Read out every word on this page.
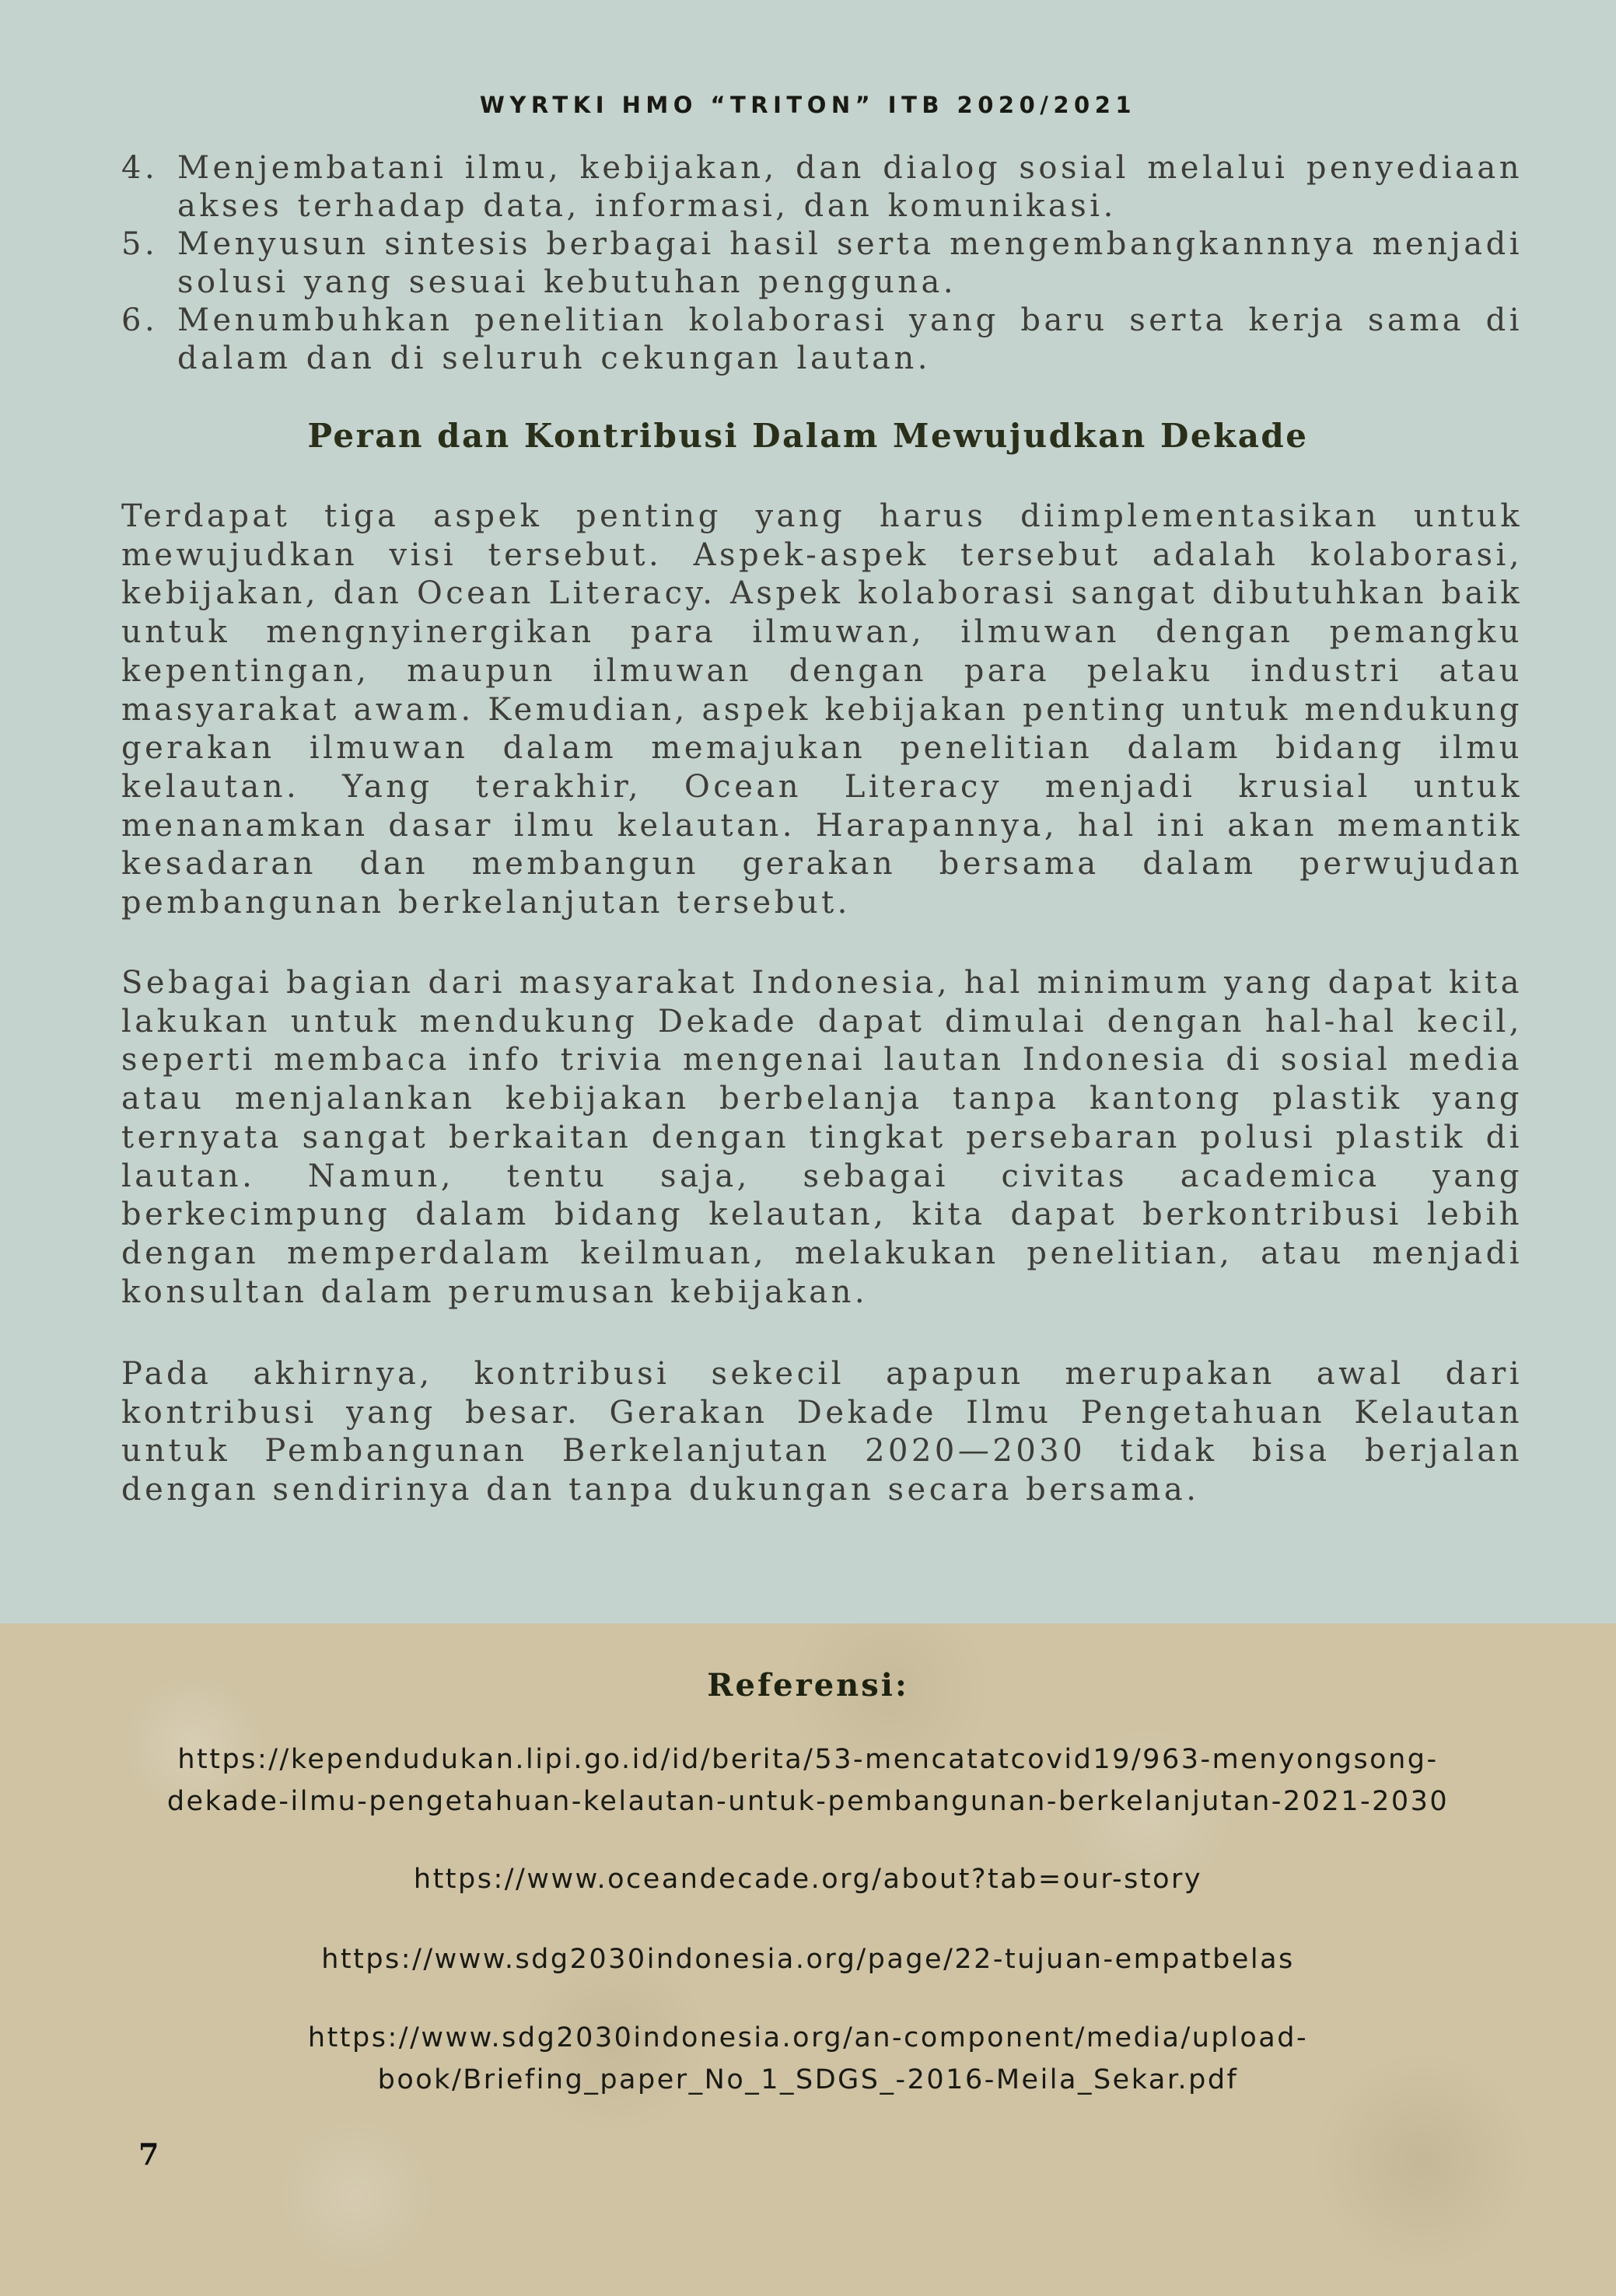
WYRTKI HMO “TRITON” ITB 2020/2021
4. Menjembatani ilmu, kebijakan, dan dialog sosial melalui penyediaan akses terhadap data, informasi, dan komunikasi.
5. Menyusun sintesis berbagai hasil serta mengembangkannnya menjadi solusi yang sesuai kebutuhan pengguna.
6. Menumbuhkan penelitian kolaborasi yang baru serta kerja sama di dalam dan di seluruh cekungan lautan.
Peran dan Kontribusi Dalam Mewujudkan Dekade

Terdapat tiga aspek penting yang harus diimplementasikan untuk mewujudkan visi tersebut. Aspek-aspek tersebut adalah kolaborasi, kebijakan, dan Ocean Literacy. Aspek kolaborasi sangat dibutuhkan baik untuk mengnyinergikan para ilmuwan, ilmuwan dengan pemangku kepentingan, maupun ilmuwan dengan para pelaku industri atau masyarakat awam. Kemudian, aspek kebijakan penting untuk mendukung gerakan ilmuwan dalam memajukan penelitian dalam bidang ilmu kelautan. Yang terakhir, Ocean Literacy menjadi krusial untuk menanamkan dasar ilmu kelautan. Harapannya, hal ini akan memantik kesadaran dan membangun gerakan bersama dalam perwujudan pembangunan berkelanjutan tersebut.

Sebagai bagian dari masyarakat Indonesia, hal minimum yang dapat kita lakukan untuk mendukung Dekade dapat dimulai dengan hal-hal kecil, seperti membaca info trivia mengenai lautan Indonesia di sosial media atau menjalankan kebijakan berbelanja tanpa kantong plastik yang ternyata sangat berkaitan dengan tingkat persebaran polusi plastik di lautan. Namun, tentu saja, sebagai civitas academica yang berkecimpung dalam bidang kelautan, kita dapat berkontribusi lebih dengan memperdalam keilmuan, melakukan penelitian, atau menjadi konsultan dalam perumusan kebijakan.

Pada akhirnya, kontribusi sekecil apapun merupakan awal dari kontribusi yang besar. Gerakan Dekade Ilmu Pengetahuan Kelautan untuk Pembangunan Berkelanjutan 2020—2030 tidak bisa berjalan dengan sendirinya dan tanpa dukungan secara bersama.

Referensi:

https://kependudukan.lipi.go.id/id/berita/53-mencatatcovid19/963-menyongsong-dekade-ilmu-pengetahuan-kelautan-untuk-pembangunan-berkelanjutan-2021-2030

https://www.oceandecade.org/about?tab=our-story

https://www.sdg2030indonesia.org/page/22-tujuan-empatbelas

https://www.sdg2030indonesia.org/an-component/media/upload-book/Briefing_paper_No_1_SDGS_-2016-Meila_Sekar.pdf

7
